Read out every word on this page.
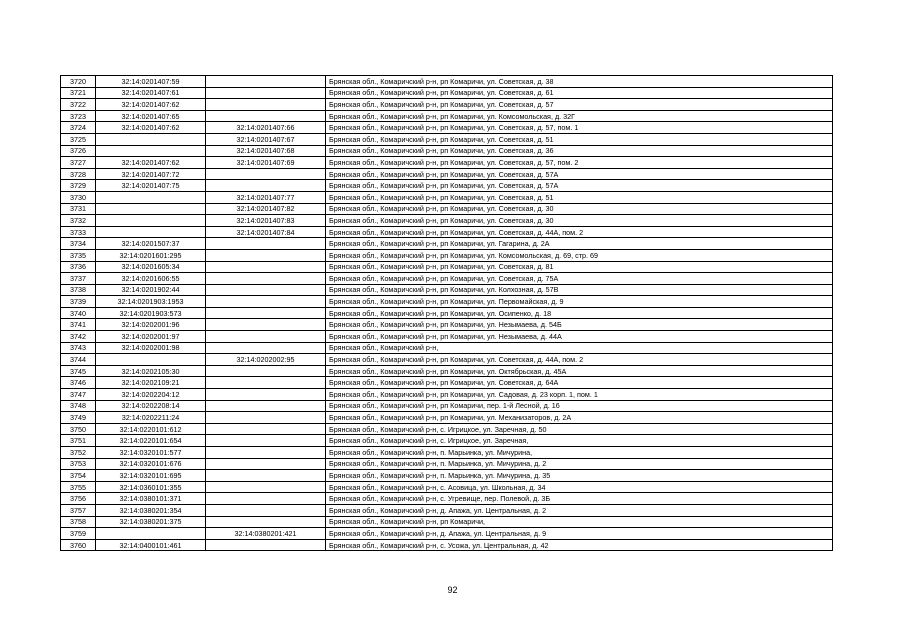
3720	32:14:0201407:59		Брянская обл., Комаричский р-н, рп Комаричи, ул. Советская, д. 38
3721	32:14:0201407:61		Брянская обл., Комаричский р-н, рп Комаричи, ул. Советская, д. 61
3722	32:14:0201407:62		Брянская обл., Комаричский р-н, рп Комаричи, ул. Советская, д. 57
3723	32:14:0201407:65		Брянская обл., Комаричский р-н, рп Комаричи, ул. Комсомольская, д. 32Г
3724	32:14:0201407:62	32:14:0201407:66	Брянская обл., Комаричский р-н, рп Комаричи, ул. Советская, д. 57, пом. 1
3725		32:14:0201407:67	Брянская обл., Комаричский р-н, рп Комаричи, ул. Советская, д. 51
3726		32:14:0201407:68	Брянская обл., Комаричский р-н, рп Комаричи, ул. Советская, д. 36
3727	32:14:0201407:62	32:14:0201407:69	Брянская обл., Комаричский р-н, рп Комаричи, ул. Советская, д. 57, пом. 2
3728	32:14:0201407:72		Брянская обл., Комаричский р-н, рп Комаричи, ул. Советская, д. 57А
3729	32:14:0201407:75		Брянская обл., Комаричский р-н, рп Комаричи, ул. Советская, д. 57А
3730		32:14:0201407:77	Брянская обл., Комаричский р-н, рп Комаричи, ул. Советская, д. 51
3731		32:14:0201407:82	Брянская обл., Комаричский р-н, рп Комаричи, ул. Советская, д. 30
3732		32:14:0201407:83	Брянская обл., Комаричский р-н, рп Комаричи, ул. Советская, д. 30
3733		32:14:0201407:84	Брянская обл., Комаричский р-н, рп Комаричи, ул. Советская, д. 44А, пом. 2
3734	32:14:0201507:37		Брянская обл., Комаричский р-н, рп Комаричи, ул. Гагарина, д. 2А
3735	32:14:0201601:295		Брянская обл., Комаричский р-н, рп Комаричи, ул. Комсомольская, д. 69, стр. 69
3736	32:14:0201605:34		Брянская обл., Комаричский р-н, рп Комаричи, ул. Советская, д. 81
3737	32:14:0201606:55		Брянская обл., Комаричский р-н, рп Комаричи, ул. Советская, д. 75А
3738	32:14:0201902:44		Брянская обл., Комаричский р-н, рп Комаричи, ул. Колхозная, д. 57В
3739	32:14:0201903:1953		Брянская обл., Комаричский р-н, рп Комаричи, ул. Первомайская, д. 9
3740	32:14:0201903:573		Брянская обл., Комаричский р-н, рп Комаричи, ул. Осипенко, д. 18
3741	32:14:0202001:96		Брянская обл., Комаричский р-н, рп Комаричи, ул. Незымаева, д. 54Б
3742	32:14:0202001:97		Брянская обл., Комаричский р-н, рп Комаричи, ул. Незымаева, д. 44А
3743	32:14:0202001:98		Брянская обл., Комаричский р-н,
3744		32:14:0202002:95	Брянская обл., Комаричский р-н, рп Комаричи, ул. Советская, д. 44А, пом. 2
3745	32:14:0202105:30		Брянская обл., Комаричский р-н, рп Комаричи, ул. Октябрьская, д. 45А
3746	32:14:0202109:21		Брянская обл., Комаричский р-н, рп Комаричи, ул. Советская, д. 64А
3747	32:14:0202204:12		Брянская обл., Комаричский р-н, рп Комаричи, ул. Садовая, д. 23 корп. 1, пом. 1
3748	32:14:0202208:14		Брянская обл., Комаричский р-н, рп Комаричи, пер. 1-й Лесной, д. 16
3749	32:14:0202211:24		Брянская обл., Комаричский р-н, рп Комаричи, ул. Механизаторов, д. 2А
3750	32:14:0220101:612		Брянская обл., Комаричский р-н, с. Игрицкое, ул. Заречная, д. 50
3751	32:14:0220101:654		Брянская обл., Комаричский р-н, с. Игрицкое, ул. Заречная,
3752	32:14:0320101:577		Брянская обл., Комаричский р-н, п. Марьинка, ул. Мичурина,
3753	32:14:0320101:676		Брянская обл., Комаричский р-н, п. Марьинка, ул. Мичурина, д. 2
3754	32:14:0320101:695		Брянская обл., Комаричский р-н, п. Марьинка, ул. Мичурина, д. 35
3755	32:14:0360101:355		Брянская обл., Комаричский р-н, с. Асовица, ул. Школьная, д. 34
3756	32:14:0380101:371		Брянская обл., Комаричский р-н, с. Угревище, пер. Полевой, д. 3Б
3757	32:14:0380201:354		Брянская обл., Комаричский р-н, д. Апажа, ул. Центральная, д. 2
3758	32:14:0380201:375		Брянская обл., Комаричский р-н, рп Комаричи,
3759		32:14:0380201:421	Брянская обл., Комаричский р-н, д. Апажа, ул. Центральная, д. 9
3760	32:14:0400101:461		Брянская обл., Комаричский р-н, с. Усожа, ул. Центральная, д. 42
92
